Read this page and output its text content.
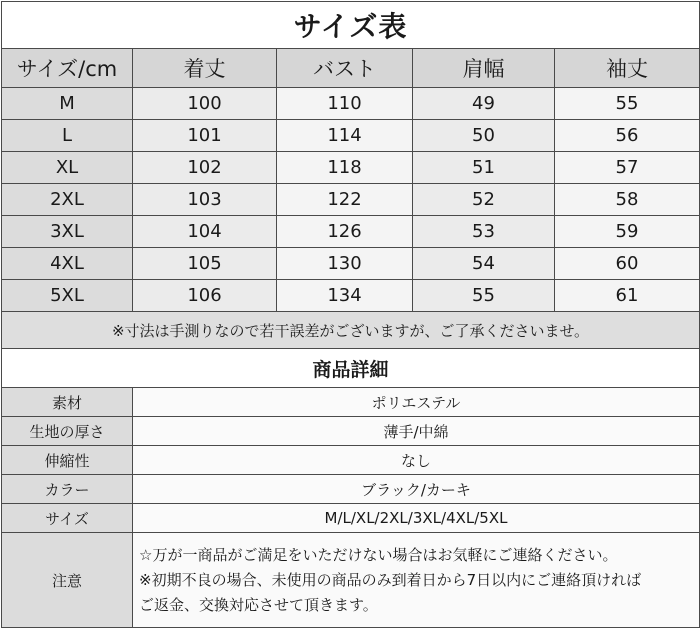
サイズ表				
サイズ/cm	着丈	バスト	肩幅	袖丈
M	100	110	49	55
L	101	114	50	56
XL	102	118	51	57
2XL	103	122	52	58
3XL	104	126	53	59
4XL	105	130	54	60
5XL	106	134	55	61
※寸法は手測りなので若干誤差がございますが、ご了承くださいませ。				
商品詳細	
素材	ポリエステル
生地の厚さ	薄手/中綿
伸縮性	なし
カラー	ブラック/カーキ
サイズ	M/L/XL/2XL/3XL/4XL/5XL
注意	☆万が一商品がご満足をいただけない場合はお気軽にご連絡ください。
※初期不良の場合、未使用の商品のみ到着日から7日以内にご連絡頂ければ
ご返金、交換対応させて頂きます。
